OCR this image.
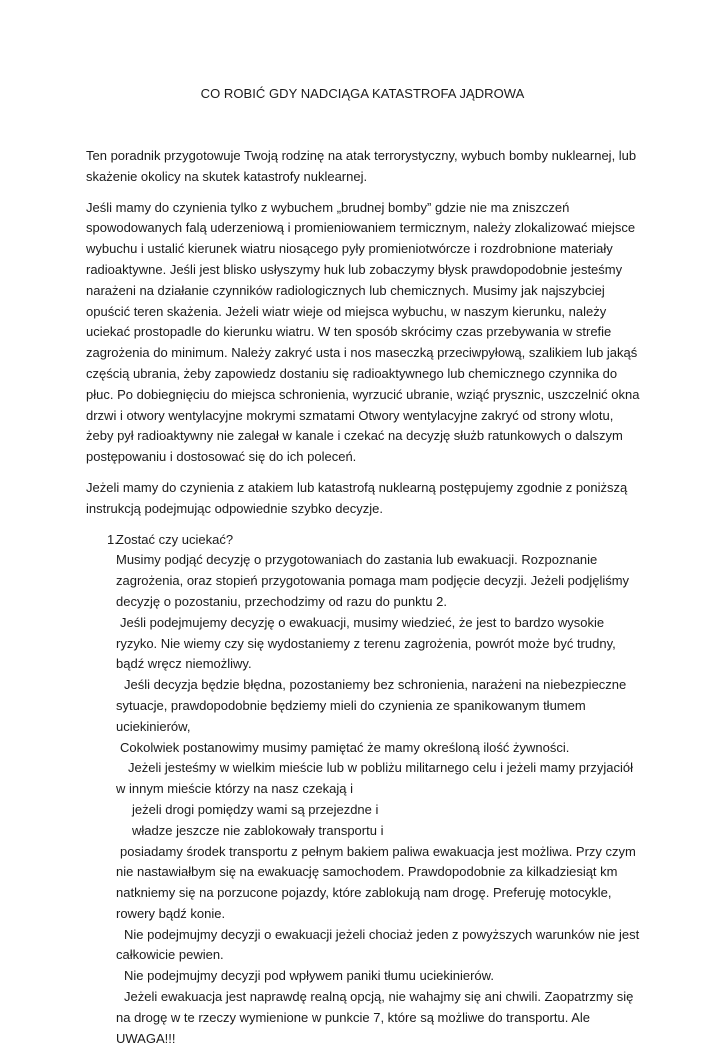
CO ROBIĆ GDY NADCIĄGA KATASTROFA JĄDROWA

Ten poradnik przygotowuje Twoją rodzinę na atak terrorystyczny, wybuch bomby nuklearnej, lub skażenie okolicy na skutek katastrofy nuklearnej.

Jeśli mamy do czynienia tylko z wybuchem „brudnej bomby” gdzie nie ma zniszczeń spowodowanych falą uderzeniową i promieniowaniem termicznym, należy zlokalizować miejsce wybuchu i ustalić kierunek wiatru niosącego pyły promieniotwórcze i rozdrobnione materiały radioaktywne. Jeśli jest blisko usłyszymy huk lub zobaczymy błysk prawdopodobnie jesteśmy narażeni na działanie czynników radiologicznych lub chemicznych. Musimy jak najszybciej opuścić teren skażenia. Jeżeli wiatr wieje od miejsca wybuchu, w naszym kierunku, należy uciekać prostopadle do kierunku wiatru. W ten sposób skrócimy czas przebywania w strefie zagrożenia do minimum. Należy zakryć usta i nos maseczką przeciwpyłową, szalikiem lub jakąś częścią ubrania, żeby zapowiedz dostaniu się radioaktywnego lub chemicznego czynnika do płuc. Po dobiegnięciu do miejsca schronienia, wyrzucić ubranie, wziąć prysznic, uszczelnić okna drzwi i otwory wentylacyjne mokrymi szmatami Otwory wentylacyjne zakryć od strony wlotu, żeby pył radioaktywny nie zalegał w kanale i czekać na decyzję służb ratunkowych o dalszym postępowaniu i dostosować się do ich poleceń.

Jeżeli mamy do czynienia z atakiem lub katastrofą nuklearną postępujemy zgodnie z poniższą instrukcją podejmując odpowiednie szybko decyzje.

1.

Zostać czy uciekać?

Musimy podjąć decyzję o przygotowaniach do zastania lub ewakuacji. Rozpoznanie zagrożenia, oraz stopień przygotowania pomaga mam podjęcie decyzji. Jeżeli podjęliśmy decyzję o pozostaniu, przechodzimy od razu do punktu 2.

Jeśli podejmujemy decyzję o ewakuacji, musimy wiedzieć, że jest to bardzo wysokie ryzyko. Nie wiemy czy się wydostaniemy z terenu zagrożenia, powrót może być trudny, bądź wręcz niemożliwy.

Jeśli decyzja będzie błędna, pozostaniemy bez schronienia, narażeni na niebezpieczne sytuacje, prawdopodobnie będziemy mieli do czynienia ze spanikowanym tłumem uciekinierów,

Cokolwiek postanowimy musimy pamiętać że mamy określoną ilość żywności.

Jeżeli jesteśmy w wielkim mieście lub w pobliżu militarnego celu i jeżeli mamy przyjaciół w innym mieście którzy na nasz czekają i

jeżeli drogi pomiędzy wami są przejezdne i

władze jeszcze nie zablokowały transportu i

posiadamy środek transportu z pełnym bakiem paliwa ewakuacja jest możliwa. Przy czym nie nastawiałbym się na ewakuację samochodem. Prawdopodobnie za kilkadziesiąt km natkniemy się na porzucone pojazdy, które zablokują nam drogę. Preferuję motocykle, rowery bądź konie.

Nie podejmujmy decyzji o ewakuacji jeżeli chociaż jeden z powyższych warunków nie jest całkowicie pewien.

Nie podejmujmy decyzji pod wpływem paniki tłumu uciekinierów.

Jeżeli ewakuacja jest naprawdę realną opcją, nie wahajmy się ani chwili. Zaopatrzmy się na drogę w te rzeczy wymienione w punkcie 7, które są możliwe do transportu. Ale UWAGA!!!
